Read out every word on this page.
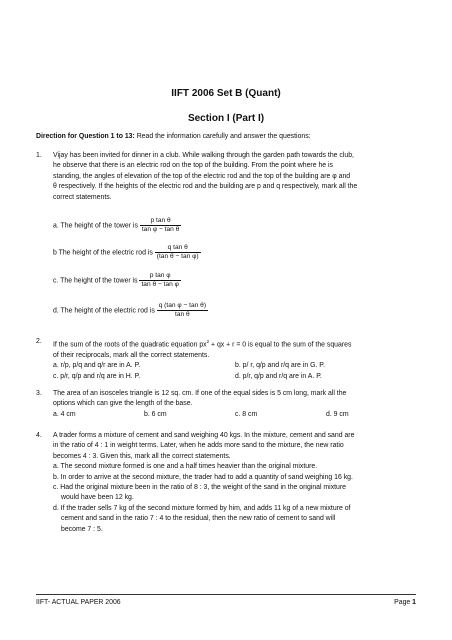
IIFT 2006 Set B (Quant)
Section I (Part I)
Direction for Question 1 to 13: Read the information carefully and answer the questions:
1. Vijay has been invited for dinner in a club. While walking through the garden path towards the club,
he observe that there is an electric rod on the top of the building. From the point where he is
standing, the angles of elevation of the top of the electric rod and the top of the building are φ and
θ respectively. If the heights of the electric rod and the building are p and q respectively, mark all the
correct statements.
a. The height of the tower is $\frac{\text{p tan θ}}{\text{tan φ − tan θ}}$
b The height of the electric rod is $\frac{\text{q tan θ}}{\text{(tan θ − tan φ)}}$
c. The height of the tower is $\frac{\text{p tan φ}}{\text{tan θ − tan φ}}$
d. The height of the electric rod is $\frac{\text{q (tan φ − tan θ)}}{\text{tan θ}}$
2. If the sum of the roots of the quadratic equation $px^2$ + qx + r = 0 is equal to the sum of the squares
of their reciprocals, mark all the correct statements.
a. r/p, p/q and q/r are in A. P.	b. p/ r, q/p and r/q are in G. P.
c. p/r, q/p and r/q are in H. P.	d. p/r, q/p and r/q are in A. P.
3. The area of an isosceles triangle is 12 sq. cm. If one of the equal sides is 5 cm long, mark all the
options which can give the length of the base.
a. 4 cm	b. 6 cm	c. 8 cm	d. 9 cm
4. A trader forms a mixture of cement and sand weighing 40 kgs. In the mixture, cement and sand are
in the ratio of 4 : 1 in weight terms. Later, when he adds more sand to the mixture, the new ratio
becomes 4 : 3. Given this, mark all the correct statements.
a. The second mixture formed is one and a half times heavier than the original mixture.
b. In order to arrive at the second mixture, the trader had to add a quantity of sand weighing 16 kg.
c. Had the original mixture been in the ratio of 8 : 3, the weight of the sand in the original mixture
would have been 12 kg.
d. If the trader sells 7 kg of the second mixture formed by him, and adds 11 kg of a new mixture of
cement and sand in the ratio 7 : 4 to the residual, then the new ratio of cement to sand will
become 7 : 5.
IIFT- ACTUAL PAPER 2006	Page 1
